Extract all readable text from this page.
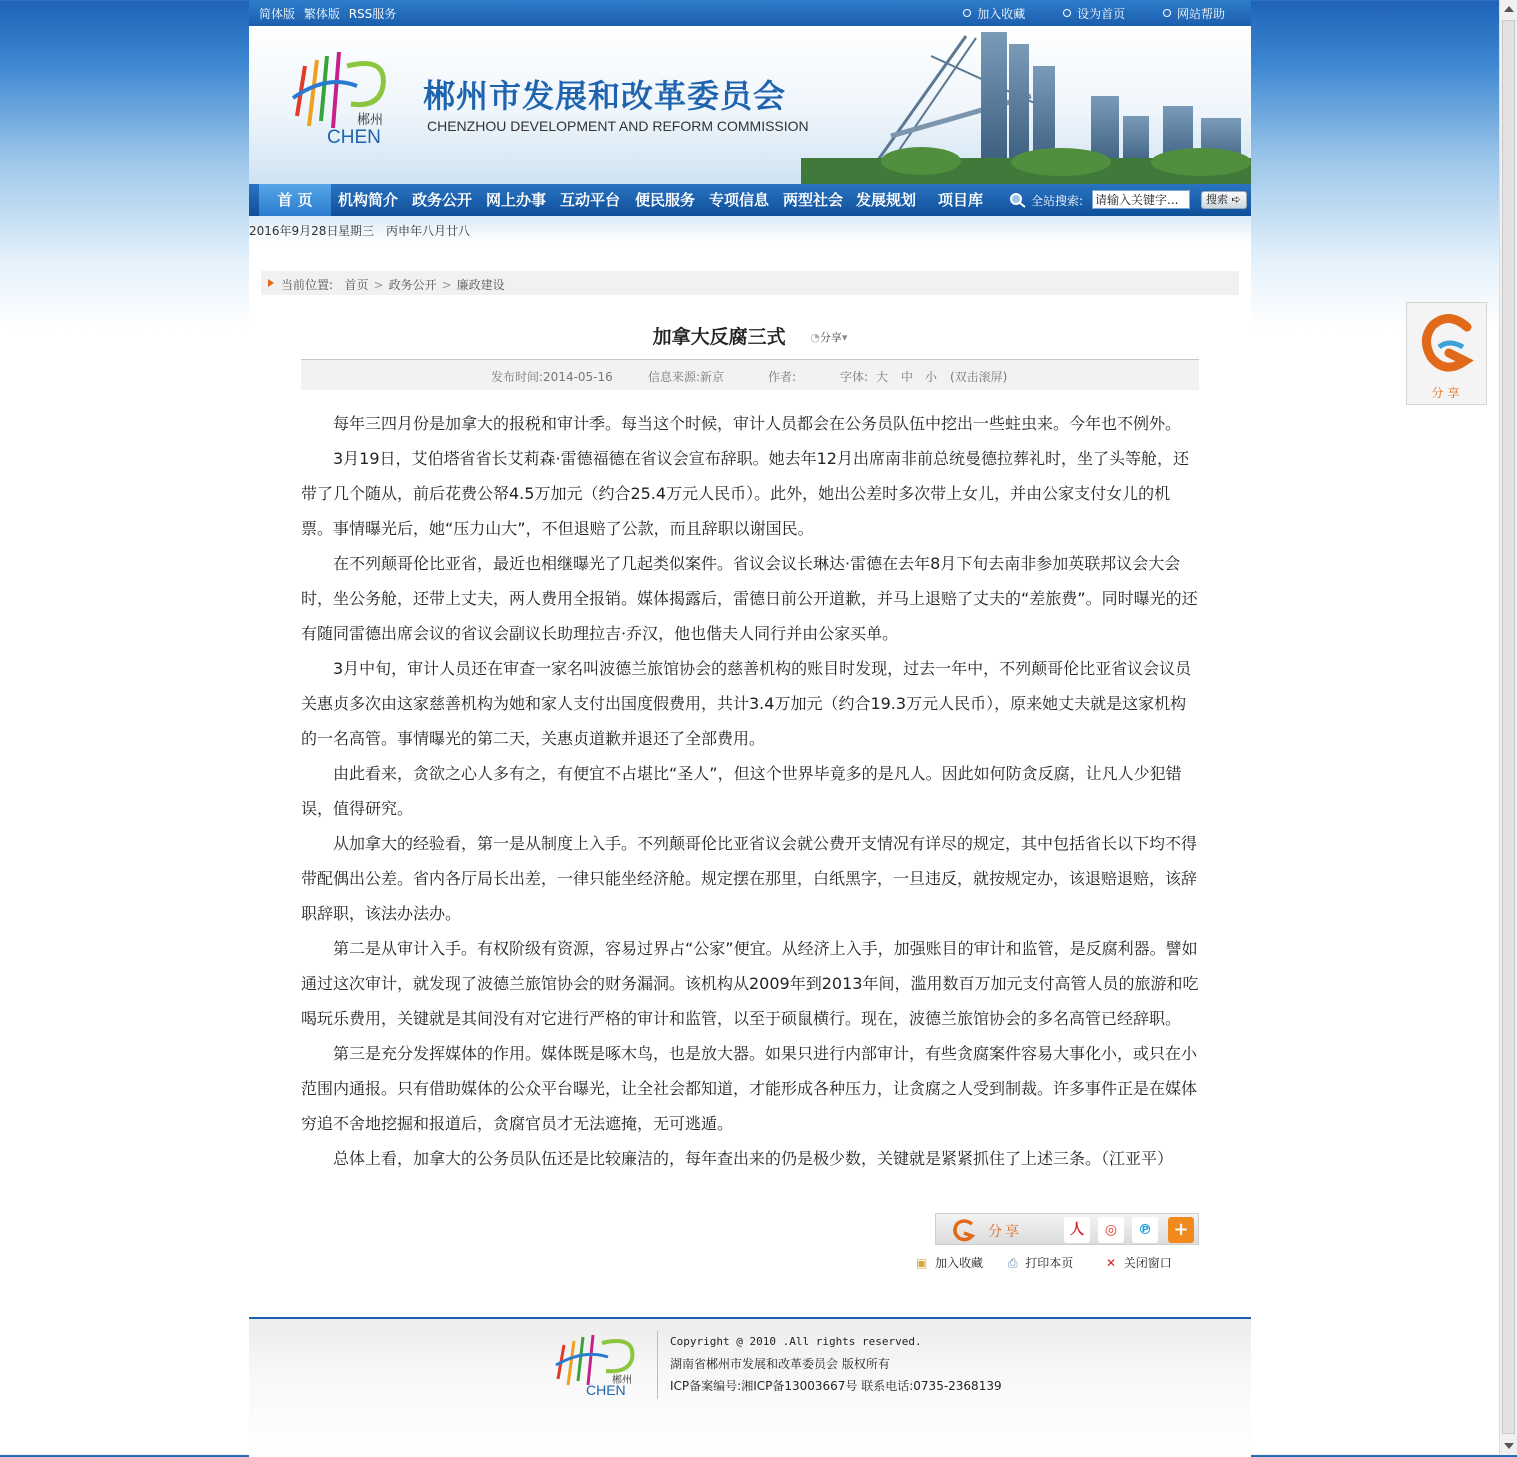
简体版 繁体版 RSS服务	加入收藏	设为首页	网站帮助
郴州
CHEN
郴州市发展和改革委员会
CHENZHOU DEVELOPMENT AND REFORM COMMISSION
首 页	机构简介 政务公开 网上办事 互动平台 便民服务 专项信息 两型社会 发展规划 项目库	全站搜索:
请输入关键字...	搜索 ➪
2016年9月28日 星期三 丙申年八月廿八
当前位置: 首页 > 政务公开 > 廉政建设
加拿大反腐三式 ◔分享▾
发布时间:2014-05-16	信息来源:新京	作者:	字体: 大 中 小 (双击滚屏)

每年三四月份是加拿大的报税和审计季。每当这个时候，审计人员都会在公务员队伍中挖出一些蛀虫来。今年也不例外。

3月19日，艾伯塔省省长艾莉森·雷德福德在省议会宣布辞职。她去年12月出席南非前总统曼德拉葬礼时，坐了头等舱，还带了几个随从，前后花费公帑4.5万加元（约合25.4万元人民币）。此外，她出公差时多次带上女儿，并由公家支付女儿的机票。事情曝光后，她“压力山大”，不但退赔了公款，而且辞职以谢国民。

在不列颠哥伦比亚省，最近也相继曝光了几起类似案件。省议会议长琳达·雷德在去年8月下旬去南非参加英联邦议会大会时，坐公务舱，还带上丈夫，两人费用全报销。媒体揭露后，雷德日前公开道歉，并马上退赔了丈夫的“差旅费”。同时曝光的还有随同雷德出席会议的省议会副议长助理拉吉·乔汉，他也偕夫人同行并由公家买单。

3月中旬，审计人员还在审查一家名叫波德兰旅馆协会的慈善机构的账目时发现，过去一年中，不列颠哥伦比亚省议会议员关惠贞多次由这家慈善机构为她和家人支付出国度假费用，共计3.4万加元（约合19.3万元人民币），原来她丈夫就是这家机构的一名高管。事情曝光的第二天，关惠贞道歉并退还了全部费用。

由此看来，贪欲之心人多有之，有便宜不占堪比“圣人”，但这个世界毕竟多的是凡人。因此如何防贪反腐，让凡人少犯错误，值得研究。

从加拿大的经验看，第一是从制度上入手。不列颠哥伦比亚省议会就公费开支情况有详尽的规定，其中包括省长以下均不得带配偶出公差。省内各厅局长出差，一律只能坐经济舱。规定摆在那里，白纸黑字，一旦违反，就按规定办，该退赔退赔，该辞职辞职，该法办法办。

第二是从审计入手。有权阶级有资源，容易过界占“公家”便宜。从经济上入手，加强账目的审计和监管，是反腐利器。譬如通过这次审计，就发现了波德兰旅馆协会的财务漏洞。该机构从2009年到2013年间，滥用数百万加元支付高管人员的旅游和吃喝玩乐费用，关键就是其间没有对它进行严格的审计和监管，以至于硕鼠横行。现在，波德兰旅馆协会的多名高管已经辞职。

第三是充分发挥媒体的作用。媒体既是啄木鸟，也是放大器。如果只进行内部审计，有些贪腐案件容易大事化小，或只在小范围内通报。只有借助媒体的公众平台曝光，让全社会都知道，才能形成各种压力，让贪腐之人受到制裁。许多事件正是在媒体穷追不舍地挖掘和报道后，贪腐官员才无法遮掩，无可逃遁。

总体上看，加拿大的公务员队伍还是比较廉洁的，每年查出来的仍是极少数，关键就是紧紧抓住了上述三条。（江亚平）

分享	人	◎	℗	+
▣ 加入收藏 ⎙ 打印本页	✕ 关闭窗口
郴州
CHEN
Copyright @ 2010 .All rights reserved.
湖南省郴州市发展和改革委员会 版权所有
ICP备案编号:湘ICP备13003667号 联系电话:0735-2368139
分享
